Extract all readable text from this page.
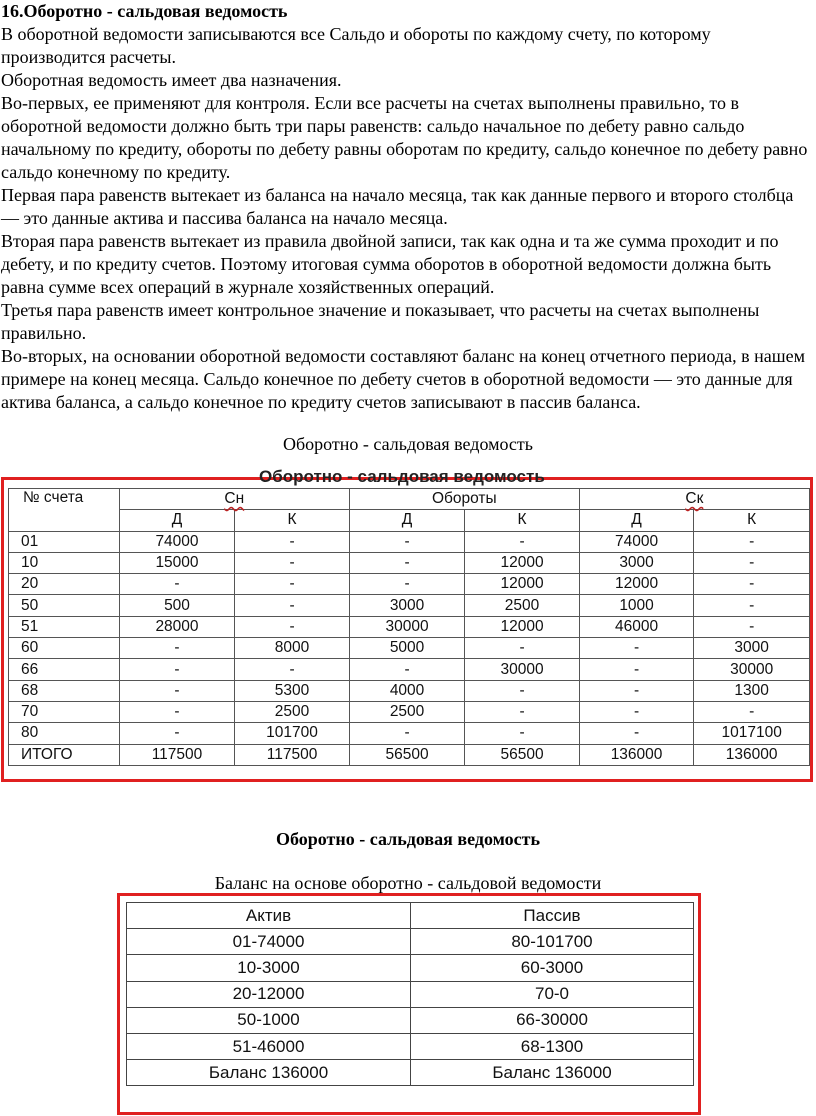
16.Оборотно - сальдовая ведомость

В оборотной ведомости записываются все Сальдо и обороты по каждому счету, по которому производится расчеты.

Оборотная ведомость имеет два назначения.

Во-первых, ее применяют для контроля. Если все расчеты на счетах выполнены правильно, то в оборотной ведомости должно быть три пары равенств: сальдо начальное по дебету равно сальдо начальному по кредиту, обороты по дебету равны оборотам по кредиту, сальдо конечное по дебету равно сальдо конечному по кредиту.

Первая пара равенств вытекает из баланса на начало месяца, так как данные первого и второго столбца — это данные актива и пассива баланса на начало месяца.

Вторая пара равенств вытекает из правила двойной записи, так как одна и та же сумма проходит и по дебету, и по кредиту счетов. Поэтому итоговая сумма оборотов в оборотной ведомости должна быть равна сумме всех операций в журнале хозяйственных операций.

Третья пара равенств имеет контрольное значение и показывает, что расчеты на счетах выполнены правильно.

Во-вторых, на основании оборотной ведомости составляют баланс на конец отчетного периода, в нашем примере на конец месяца. Сальдо конечное по дебету счетов в оборотной ведомости — это данные для актива баланса, а сальдо конечное по кредиту счетов записывают в пассив баланса.

Оборотно - сальдовая ведомость
Оборотно - сальдовая ведомость
№ счета	Сн		Обороты		Ск	
	Д	К	Д	К	Д	К
01	74000	-	-	-	74000	-
10	15000	-	-	12000	3000	-
20	-	-	-	12000	12000	-
50	500	-	3000	2500	1000	-
51	28000	-	30000	12000	46000	-
60	-	8000	5000	-	-	3000
66	-	-	-	30000	-	30000
68	-	5300	4000	-	-	1300
70	-	2500	2500	-	-	-
80	-	101700	-	-	-	1017100
ИТОГО	117500	117500	56500	56500	136000	136000
Оборотно - сальдовая ведомость
Баланс на основе оборотно - сальдовой ведомости
Актив	Пассив
01-74000	80-101700
10-3000	60-3000
20-12000	70-0
50-1000	66-30000
51-46000	68-1300
Баланс 136000	Баланс 136000
